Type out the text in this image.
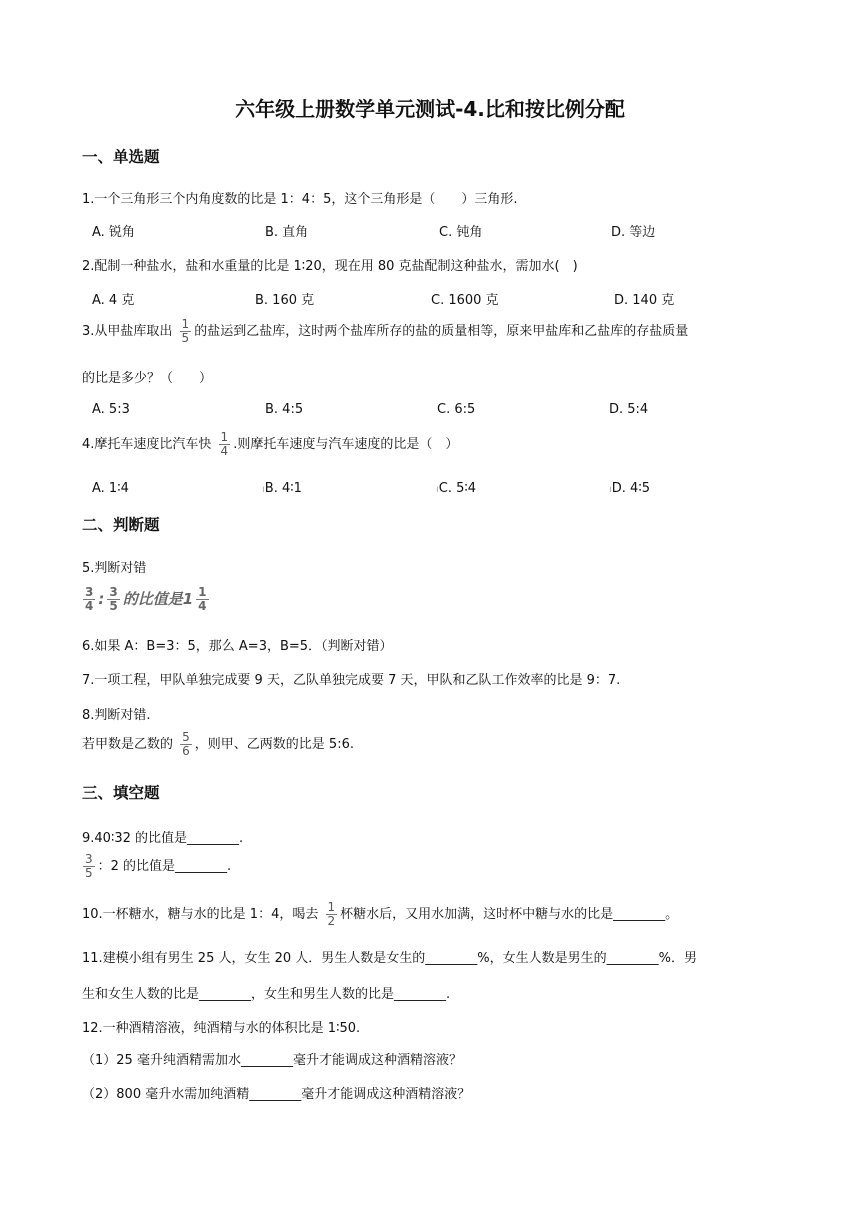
六年级上册数学单元测试-4.比和按比例分配
一、单选题
1.一个三角形三个内角度数的比是 1：4：5，这个三角形是（　　）三角形.
A. 锐角	B. 直角	C. 钝角	D. 等边
2.配制一种盐水，盐和水重量的比是 1∶20，现在用 80 克盐配制这种盐水，需加水(　)
A. 4 克	B. 160 克	C. 1600 克	D. 140 克
3.从甲盐库取出 $\frac{1}{5}$ 的盐运到乙盐库，这时两个盐库所存的盐的质量相等，原来甲盐库和乙盐库的存盐质量
的比是多少？（　　）
A. 5:3	B. 4:5	C. 6:5	D. 5:4
4.摩托车速度比汽车快 $\frac{1}{4}$ .则摩托车速度与汽车速度的比是（　）
A. 1∶4	ıB. 4∶1	ıC. 5∶4	ıD. 4∶5
二、判断题
5.判断对错
$\frac{3}{4}$ : $\frac{3}{5}$ 的比值是$1 \frac{1}{4}$
6.如果 A：B=3：5，那么 A=3，B=5．（判断对错）
7.一项工程，甲队单独完成要 9 天，乙队单独完成要 7 天，甲队和乙队工作效率的比是 9：7.
8.判断对错.
若甲数是乙数的 $\frac{5}{6}$ ，则甲、乙两数的比是 5:6.
三、填空题
9.40∶32 的比值是________.
$\frac{3}{5}$ ：2 的比值是________.
10.一杯糖水，糖与水的比是 1：4，喝去 $\frac{1}{2}$ 杯糖水后，又用水加满，这时杯中糖与水的比是________。
11.建模小组有男生 25 人，女生 20 人．男生人数是女生的________%，女生人数是男生的________%．男
生和女生人数的比是________，女生和男生人数的比是________.
12.一种酒精溶液，纯酒精与水的体积比是 1∶50.
（1）25 毫升纯酒精需加水________毫升才能调成这种酒精溶液？
（2）800 毫升水需加纯酒精________毫升才能调成这种酒精溶液？
